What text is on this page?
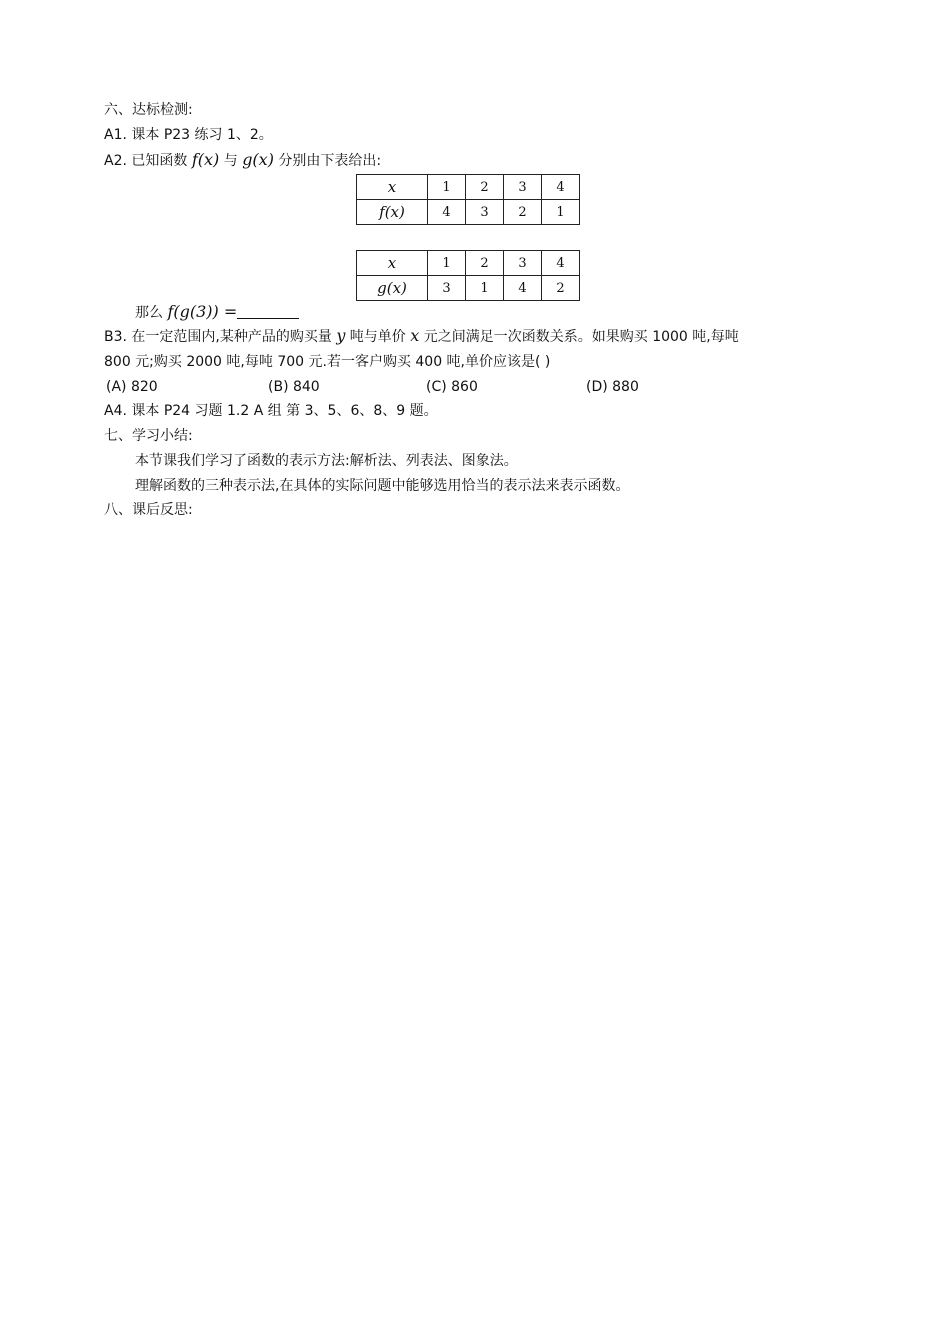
六、达标检测:
A1. 课本 P23 练习 1、2。
A2. 已知函数 f(x) 与 g(x) 分别由下表给出:
x	1	2	3	4
f(x)	4	3	2	1
x	1	2	3	4
g(x)	3	1	4	2
那么 f(g(3)) =
B3. 在一定范围内,某种产品的购买量 y 吨与单价 x 元之间满足一次函数关系。如果购买 1000 吨,每吨
800 元;购买 2000 吨,每吨 700 元.若一客户购买 400 吨,单价应该是( )
(A) 820	(B) 840	(C) 860	(D) 880
A4. 课本 P24 习题 1.2 A 组 第 3、5、6、8、9 题。
七、学习小结:
本节课我们学习了函数的表示方法:解析法、列表法、图象法。
理解函数的三种表示法,在具体的实际问题中能够选用恰当的表示法来表示函数。
八、课后反思:
